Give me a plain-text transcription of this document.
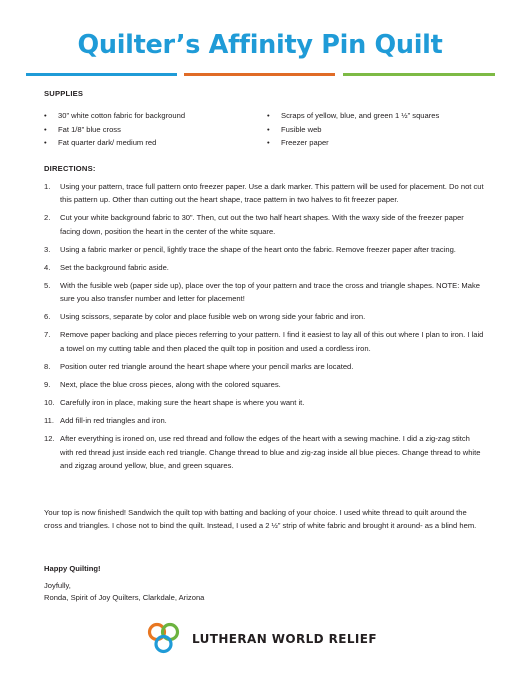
Quilter’s Affinity Pin Quilt
SUPPLIES
• 30” white cotton fabric for background
• Fat 1/8” blue cross
• Fat quarter dark/ medium red
• Scraps of yellow, blue, and green 1 ½” squares
• Fusible web
• Freezer paper
DIRECTIONS:
1. Using your pattern, trace full pattern onto freezer paper. Use a dark marker. This pattern will be used for placement. Do not cut this pattern up. Other than cutting out the heart shape, trace pattern in two halves to fit freezer paper.
2. Cut your white background fabric to 30”. Then, cut out the two half heart shapes. With the waxy side of the freezer paper facing down, position the heart in the center of the white square.
3. Using a fabric marker or pencil, lightly trace the shape of the heart onto the fabric. Remove freezer paper after tracing.
4. Set the background fabric aside.
5. With the fusible web (paper side up), place over the top of your pattern and trace the cross and triangle shapes. NOTE: Make sure you also transfer number and letter for placement!
6. Using scissors, separate by color and place fusible web on wrong side your fabric and iron.
7. Remove paper backing and place pieces referring to your pattern. I find it easiest to lay all of this out where I plan to iron. I laid a towel on my cutting table and then placed the quilt top in position and used a cordless iron.
8. Position outer red triangle around the heart shape where your pencil marks are located.
9. Next, place the blue cross pieces, along with the colored squares.
10. Carefully iron in place, making sure the heart shape is where you want it.
11. Add fill-in red triangles and iron.
12. After everything is ironed on, use red thread and follow the edges of the heart with a sewing machine. I did a zig-zag stitch with red thread just inside each red triangle. Change thread to blue and zig-zag inside all blue pieces. Change thread to white and zigzag around yellow, blue, and green squares.
Your top is now finished! Sandwich the quilt top with batting and backing of your choice. I used white thread to quilt around the cross and triangles. I chose not to bind the quilt. Instead, I used a 2 ½” strip of white fabric and brought it around- as a blind hem.
Happy Quilting!
Joyfully,
Ronda, Spirit of Joy Quilters, Clarkdale, Arizona
LUTHERAN WORLD RELIEF
